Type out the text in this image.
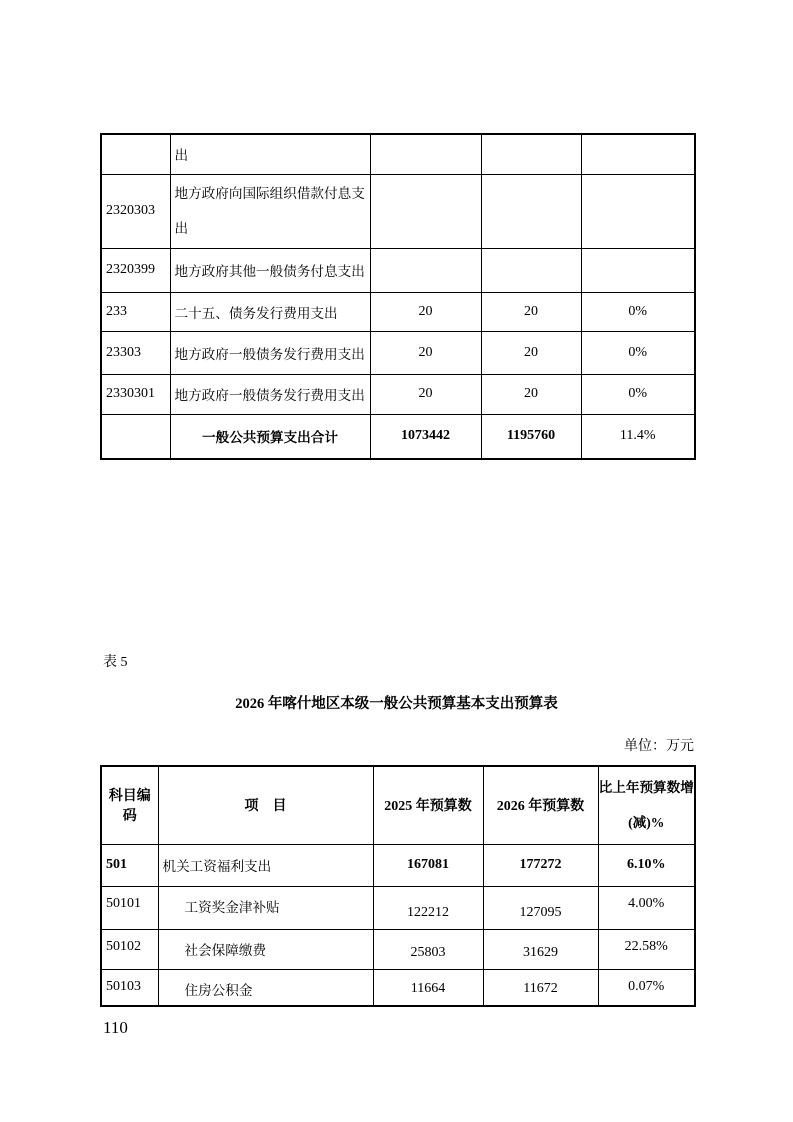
	出			
2320303	地方政府向国际组织借款付息支出			
2320399	地方政府其他一般债务付息支出			
233	二十五、债务发行费用支出	20	20	0%
23303	地方政府一般债务发行费用支出	20	20	0%
2330301	地方政府一般债务发行费用支出	20	20	0%
	一般公共预算支出合计	1073442	1195760	11.4%
表 5
2026 年喀什地区本级一般公共预算基本支出预算表
单位：万元
科目编码	项　目	2025 年预算数	2026 年预算数	比上年预算数增
(减)%

501	机关工资福利支出	167081	177272	6.10%
50101	工资奖金津补贴	122212	127095	4.00%
50102	社会保障缴费	25803	31629	22.58%
50103	住房公积金	11664	11672	0.07%
110
